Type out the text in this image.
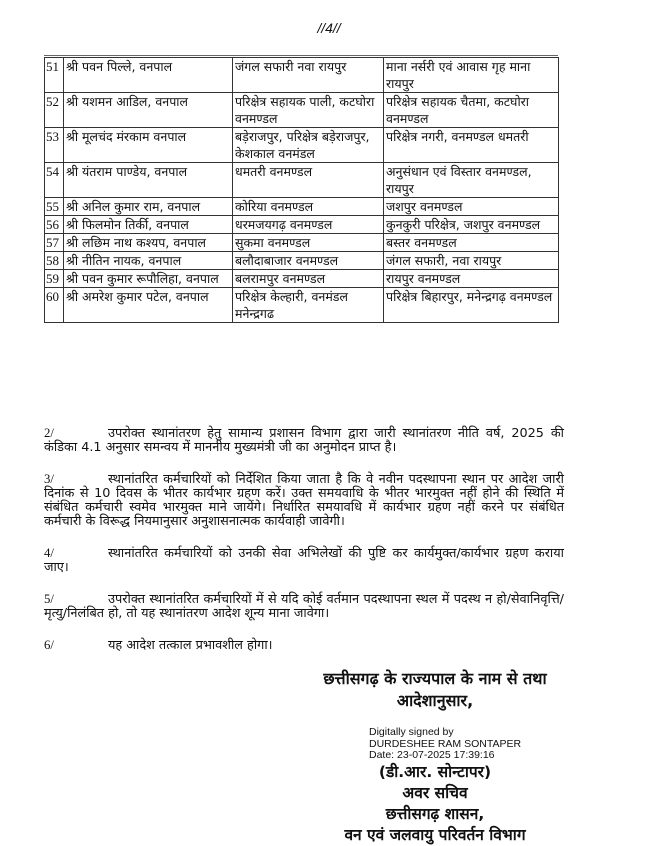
//4//
51	श्री पवन पिल्ले, वनपाल	जंगल सफारी नवा रायपुर	माना नर्सरी एवं आवास गृह माना रायपुर
52	श्री यशमन आडिल, वनपाल	परिक्षेत्र सहायक पाली, कटघोरा वनमण्डल	परिक्षेत्र सहायक चैतमा, कटघोरा वनमण्डल
53	श्री मूलचंद मंरकाम वनपाल	बड़ेराजपुर, परिक्षेत्र बड़ेराजपुर, केशकाल वनमंडल	परिक्षेत्र नगरी, वनमण्डल धमतरी
54	श्री यंतराम पाण्डेय, वनपाल	धमतरी वनमण्डल	अनुसंधान एवं विस्तार वनमण्डल, रायपुर
55	श्री अनिल कुमार राम, वनपाल	कोरिया वनमण्डल	जशपुर वनमण्डल
56	श्री फिलमोन तिर्की, वनपाल	धरमजयगढ़ वनमण्डल	कुनकुरी परिक्षेत्र, जशपुर वनमण्डल
57	श्री लछिम नाथ कश्यप, वनपाल	सुकमा वनमण्डल	बस्तर वनमण्डल
58	श्री नीतिन नायक, वनपाल	बलौदाबाजार वनमण्डल	जंगल सफारी, नवा रायपुर
59	श्री पवन कुमार रूपौलिहा, वनपाल	बलरामपुर वनमण्डल	रायपुर वनमण्डल
60	श्री अमरेश कुमार पटेल, वनपाल	परिक्षेत्र केल्हारी, वनमंडल मनेन्द्रगढ	परिक्षेत्र बिहारपुर, मनेन्द्रगढ़ वनमण्डल

2/	उपरोक्त स्थानांतरण हेतु सामान्य प्रशासन विभाग द्वारा जारी स्थानांतरण नीति वर्ष, 2025 की कंडिका 4.1 अनुसार समन्वय में माननीय मुख्यमंत्री जी का अनुमोदन प्राप्त है।

3/	स्थानांतरित कर्मचारियों को निर्देशित किया जाता है कि वे नवीन पदस्थापना स्थान पर आदेश जारी दिनांक से 10 दिवस के भीतर कार्यभार ग्रहण करें। उक्त समयवाधि के भीतर भारमुक्त नहीं होने की स्थिति में संबंधित कर्मचारी स्वमेव भारमुक्त माने जायेंगे। निर्धारित समयावधि में कार्यभार ग्रहण नहीं करने पर संबंधित कर्मचारी के विरूद्ध नियमानुसार अनुशासनात्मक कार्यवाही जावेगी।

4/	स्थानांतरित कर्मचारियों को उनकी सेवा अभिलेखों की पुष्टि कर कार्यमुक्त/कार्यभार ग्रहण कराया जाए।

5/	उपरोक्त स्थानांतरित कर्मचारियों में से यदि कोई वर्तमान पदस्थापना स्थल में पदस्थ न हो/सेवानिवृत्ति/मृत्यु/निलंबित हो, तो यह स्थानांतरण आदेश शून्य माना जावेगा।

6/	यह आदेश तत्काल प्रभावशील होगा।

छत्तीसगढ़ के राज्यपाल के नाम से तथा
आदेशानुसार,
Digitally signed by
DURDESHEE RAM SONTAPER
Date: 23-07-2025 17:39:16
(डी.आर. सोन्टापर)
अवर सचिव
छत्तीसगढ़ शासन,
वन एवं जलवायु परिवर्तन विभाग
